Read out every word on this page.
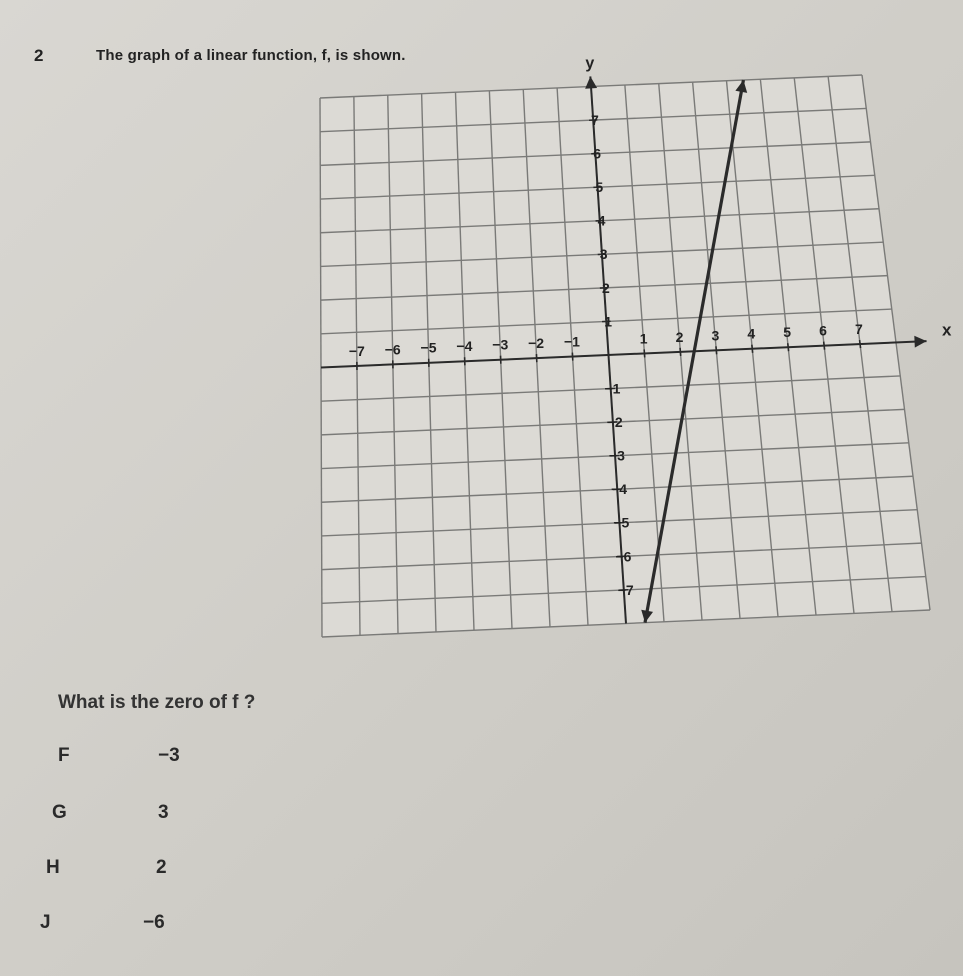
2	The graph of a linear function, f, is shown.
x
y
−7 −6 −5 −4 −3 −2 −1	1 2 3 4 5 6 7
7
6
5
4
3
2
1
−1
−2
−3
−4
−5
−6
−7
What is the zero of f ?
F	−3
G	3
H	2
J	−6
